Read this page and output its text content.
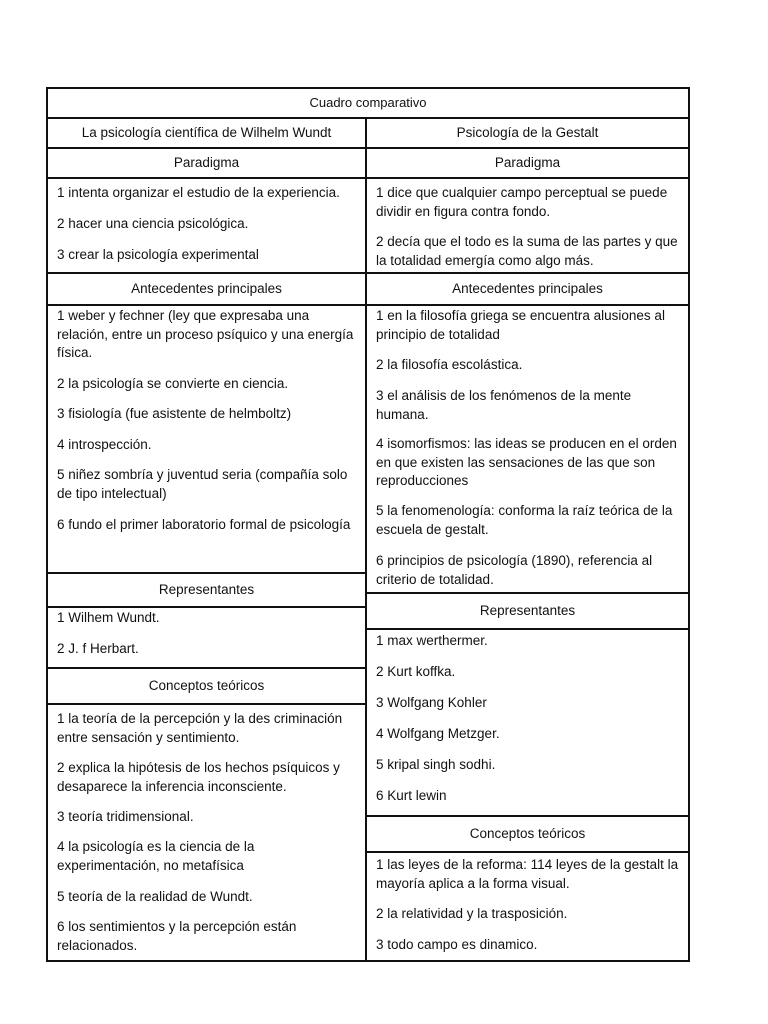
Cuadro comparativo
La psicología científica de Wilhelm Wundt
Paradigma
1 intenta organizar el estudio de la experiencia.
2 hacer una ciencia psicológica.
3 crear la psicología experimental
Antecedentes principales
1 weber y fechner (ley que expresaba una relación, entre un proceso psíquico y una energía física.
2 la psicología se convierte en ciencia.
3 fisiología (fue asistente de helmboltz)
4 introspección.
5 niñez sombría y juventud seria (compañía solo de tipo intelectual)
6 fundo el primer laboratorio formal de psicología
Representantes
1 Wilhem Wundt.
2 J. f Herbart.
Conceptos teóricos
1 la teoría de la percepción y la des criminación entre sensación y sentimiento.
2 explica la hipótesis de los hechos psíquicos y desaparece la inferencia inconsciente.
3 teoría tridimensional.
4 la psicología es la ciencia de la experimentación, no metafísica
5 teoría de la realidad de Wundt.
6 los sentimientos y la percepción están relacionados.
Psicología de la Gestalt
Paradigma
1 dice que cualquier campo perceptual se puede dividir en figura contra fondo.
2 decía que el todo es la suma de las partes y que la totalidad emergía como algo más.
Antecedentes principales
1 en la filosofía griega se encuentra alusiones al principio de totalidad
2 la filosofía escolástica.
3 el análisis de los fenómenos de la mente humana.
4 isomorfismos: las ideas se producen en el orden en que existen las sensaciones de las que son reproducciones
5 la fenomenología: conforma la raíz teórica de la escuela de gestalt.
6 principios de psicología (1890), referencia al criterio de totalidad.
Representantes
1 max werthermer.
2 Kurt koffka.
3 Wolfgang Kohler
4 Wolfgang Metzger.
5 kripal singh sodhi.
6 Kurt lewin
Conceptos teóricos
1 las leyes de la reforma: 114 leyes de la gestalt la mayoría aplica a la forma visual.
2 la relatividad y la trasposición.
3 todo campo es dinamico.
